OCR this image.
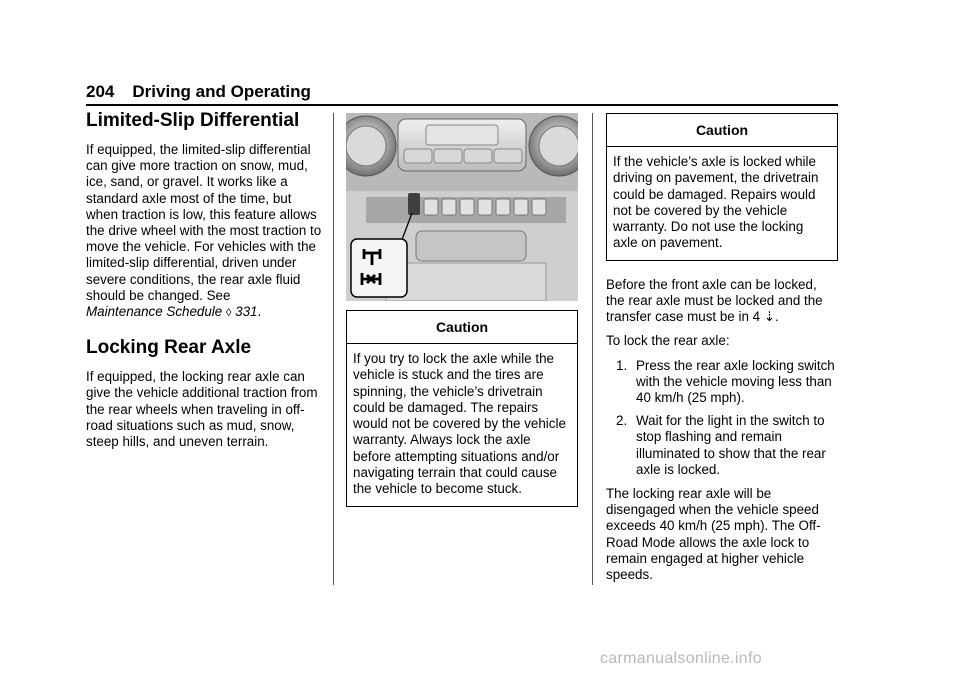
204 Driving and Operating
Limited-Slip Differential

If equipped, the limited-slip differential can give more traction on snow, mud, ice, sand, or gravel. It works like a standard axle most of the time, but when traction is low, this feature allows the drive wheel with the most traction to move the vehicle. For vehicles with the limited-slip differential, driven under severe conditions, the rear axle fluid should be changed. See
Maintenance Schedule ◊ 331.

Locking Rear Axle

If equipped, the locking rear axle can give the vehicle additional traction from the rear wheels when traveling in off-road situations such as mud, snow, steep hills, and uneven terrain.

Caution
If you try to lock the axle while the vehicle is stuck and the tires are spinning, the vehicle’s drivetrain could be damaged. The repairs would not be covered by the vehicle warranty. Always lock the axle before attempting situations and/or navigating terrain that could cause the vehicle to become stuck.
Caution
If the vehicle’s axle is locked while driving on pavement, the drivetrain could be damaged. Repairs would not be covered by the vehicle warranty. Do not use the locking axle on pavement.

Before the front axle can be locked, the rear axle must be locked and the transfer case must be in 4 ⇣.

To lock the rear axle:

1. Press the rear axle locking switch with the vehicle moving less than 40 km/h (25 mph).
2. Wait for the light in the switch to stop flashing and remain illuminated to show that the rear axle is locked.

The locking rear axle will be disengaged when the vehicle speed exceeds 40 km/h (25 mph). The Off-Road Mode allows the axle lock to remain engaged at higher vehicle speeds.

carmanualsonline.info
